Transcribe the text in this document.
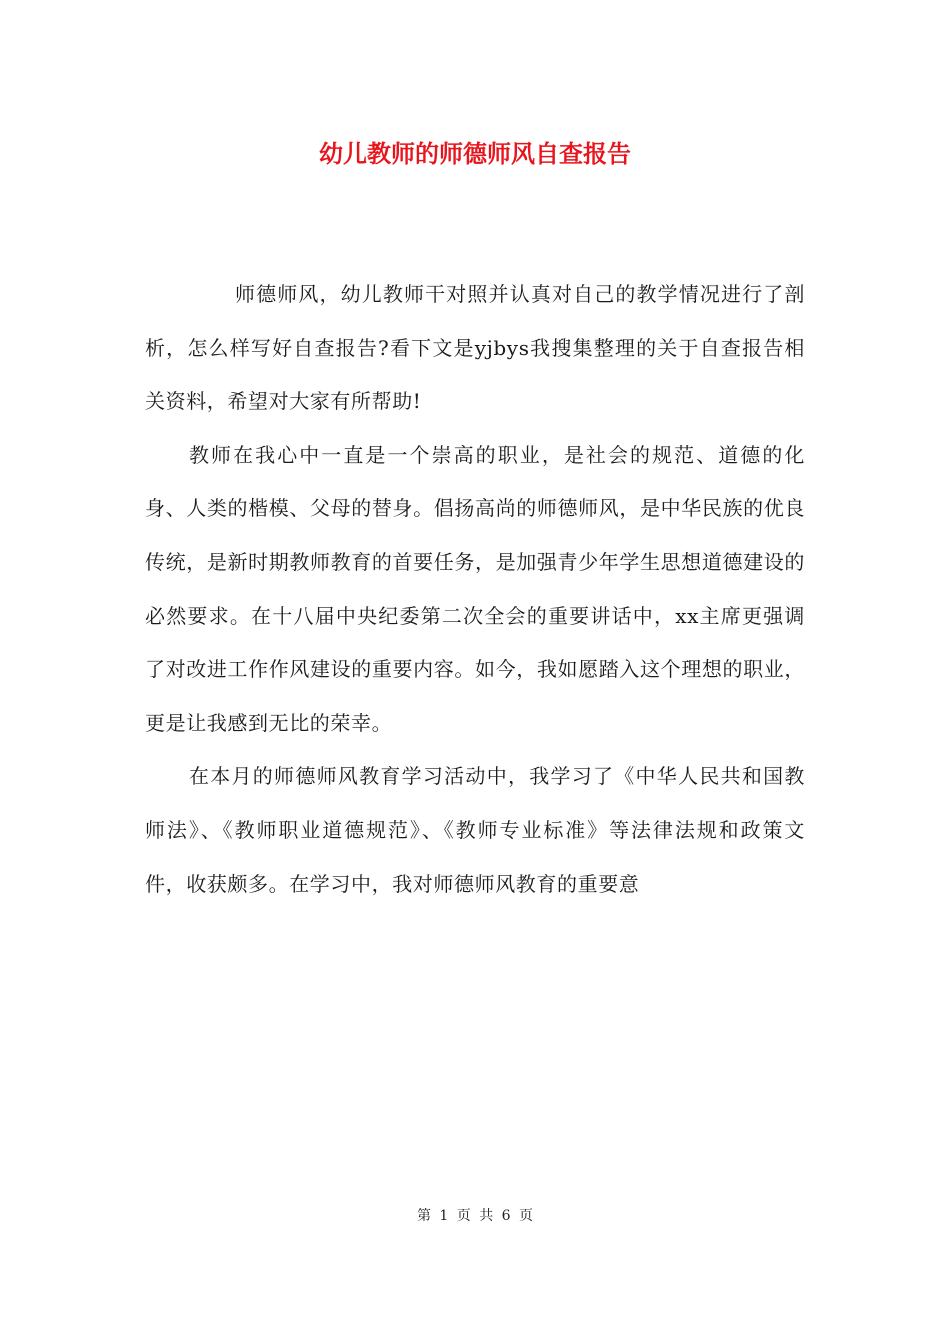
幼儿教师的师德师风自查报告

师德师风，幼儿教师干对照并认真对自己的教学情况进行了剖析，怎么样写好自查报告?看下文是yjbys我搜集整理的关于自查报告相关资料，希望对大家有所帮助!

教师在我心中一直是一个崇高的职业，是社会的规范、道德的化身、人类的楷模、父母的替身。倡扬高尚的师德师风，是中华民族的优良传统，是新时期教师教育的首要任务，是加强青少年学生思想道德建设的必然要求。在十八届中央纪委第二次全会的重要讲话中，xx主席更强调了对改进工作作风建设的重要内容。如今，我如愿踏入这个理想的职业，更是让我感到无比的荣幸。

在本月的师德师风教育学习活动中，我学习了《中华人民共和国教师法》、《教师职业道德规范》、《教师专业标准》等法律法规和政策文件，收获颇多。在学习中，我对师德师风教育的重要意

第 1 页 共 6 页
